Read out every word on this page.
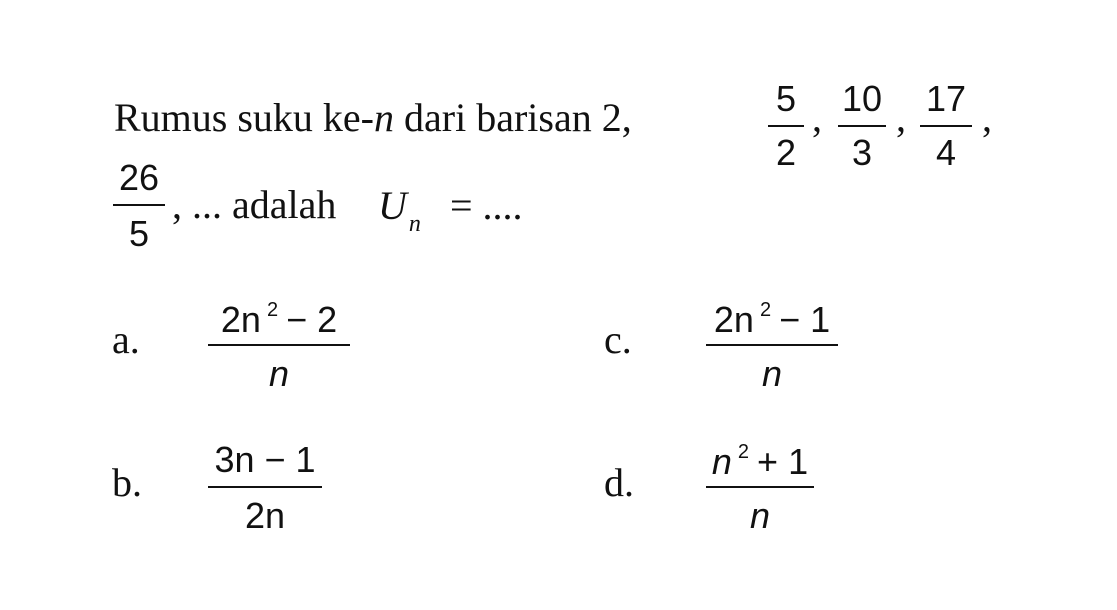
Rumus suku ke-n dari barisan 2,	5
2
, 10
3
, 17
4
,
26
5
, ... adalah $U_n$ = ....
a.	2n $^2$ − 2
n
b.
3n − 1
2n
c. 2n $^2$ − 1
n
d. n $^2$ + 1
n
